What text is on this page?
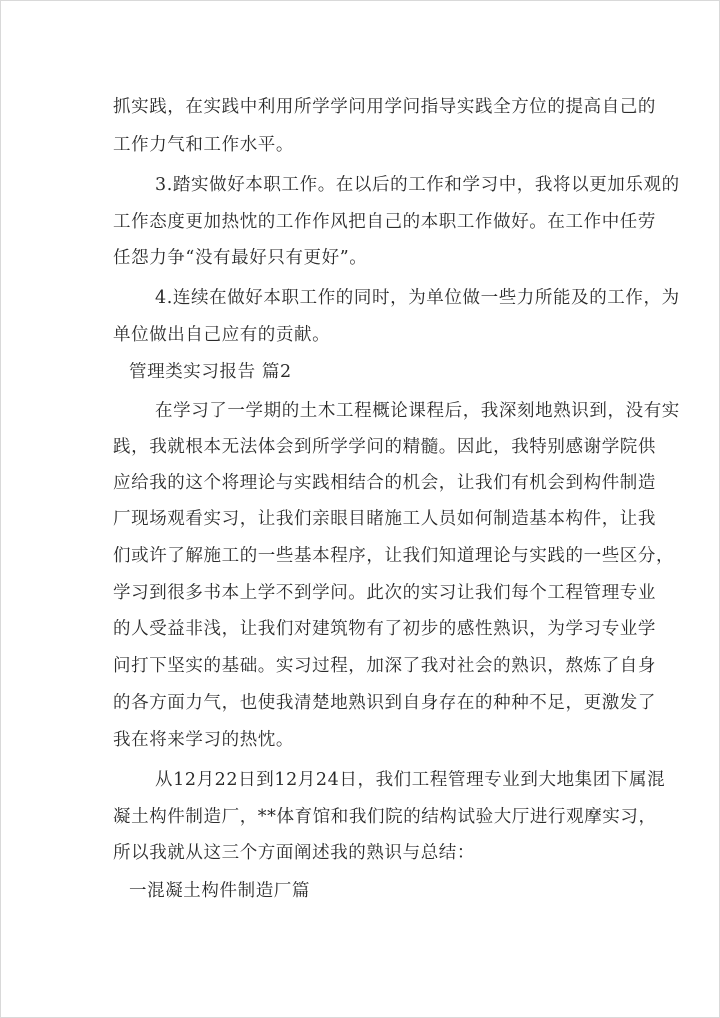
抓实践，在实践中利用所学学问用学问指导实践全方位的提高自己的
工作力气和工作水平。
3.踏实做好本职工作。在以后的工作和学习中，我将以更加乐观的
工作态度更加热忱的工作作风把自己的本职工作做好。在工作中任劳
任怨力争“没有最好只有更好”。
4.连续在做好本职工作的同时，为单位做一些力所能及的工作，为
单位做出自己应有的贡献。
管理类实习报告 篇2
在学习了一学期的土木工程概论课程后，我深刻地熟识到，没有实
践，我就根本无法体会到所学学问的精髓。因此，我特别感谢学院供
应给我的这个将理论与实践相结合的机会，让我们有机会到构件制造
厂现场观看实习，让我们亲眼目睹施工人员如何制造基本构件，让我
们或许了解施工的一些基本程序，让我们知道理论与实践的一些区分，
学习到很多书本上学不到学问。此次的实习让我们每个工程管理专业
的人受益非浅，让我们对建筑物有了初步的感性熟识，为学习专业学
问打下坚实的基础。实习过程，加深了我对社会的熟识，熬炼了自身
的各方面力气，也使我清楚地熟识到自身存在的种种不足，更激发了
我在将来学习的热忱。
从12月22日到12月24日，我们工程管理专业到大地集团下属混
凝土构件制造厂，**体育馆和我们院的结构试验大厅进行观摩实习，
所以我就从这三个方面阐述我的熟识与总结：
一混凝土构件制造厂篇
